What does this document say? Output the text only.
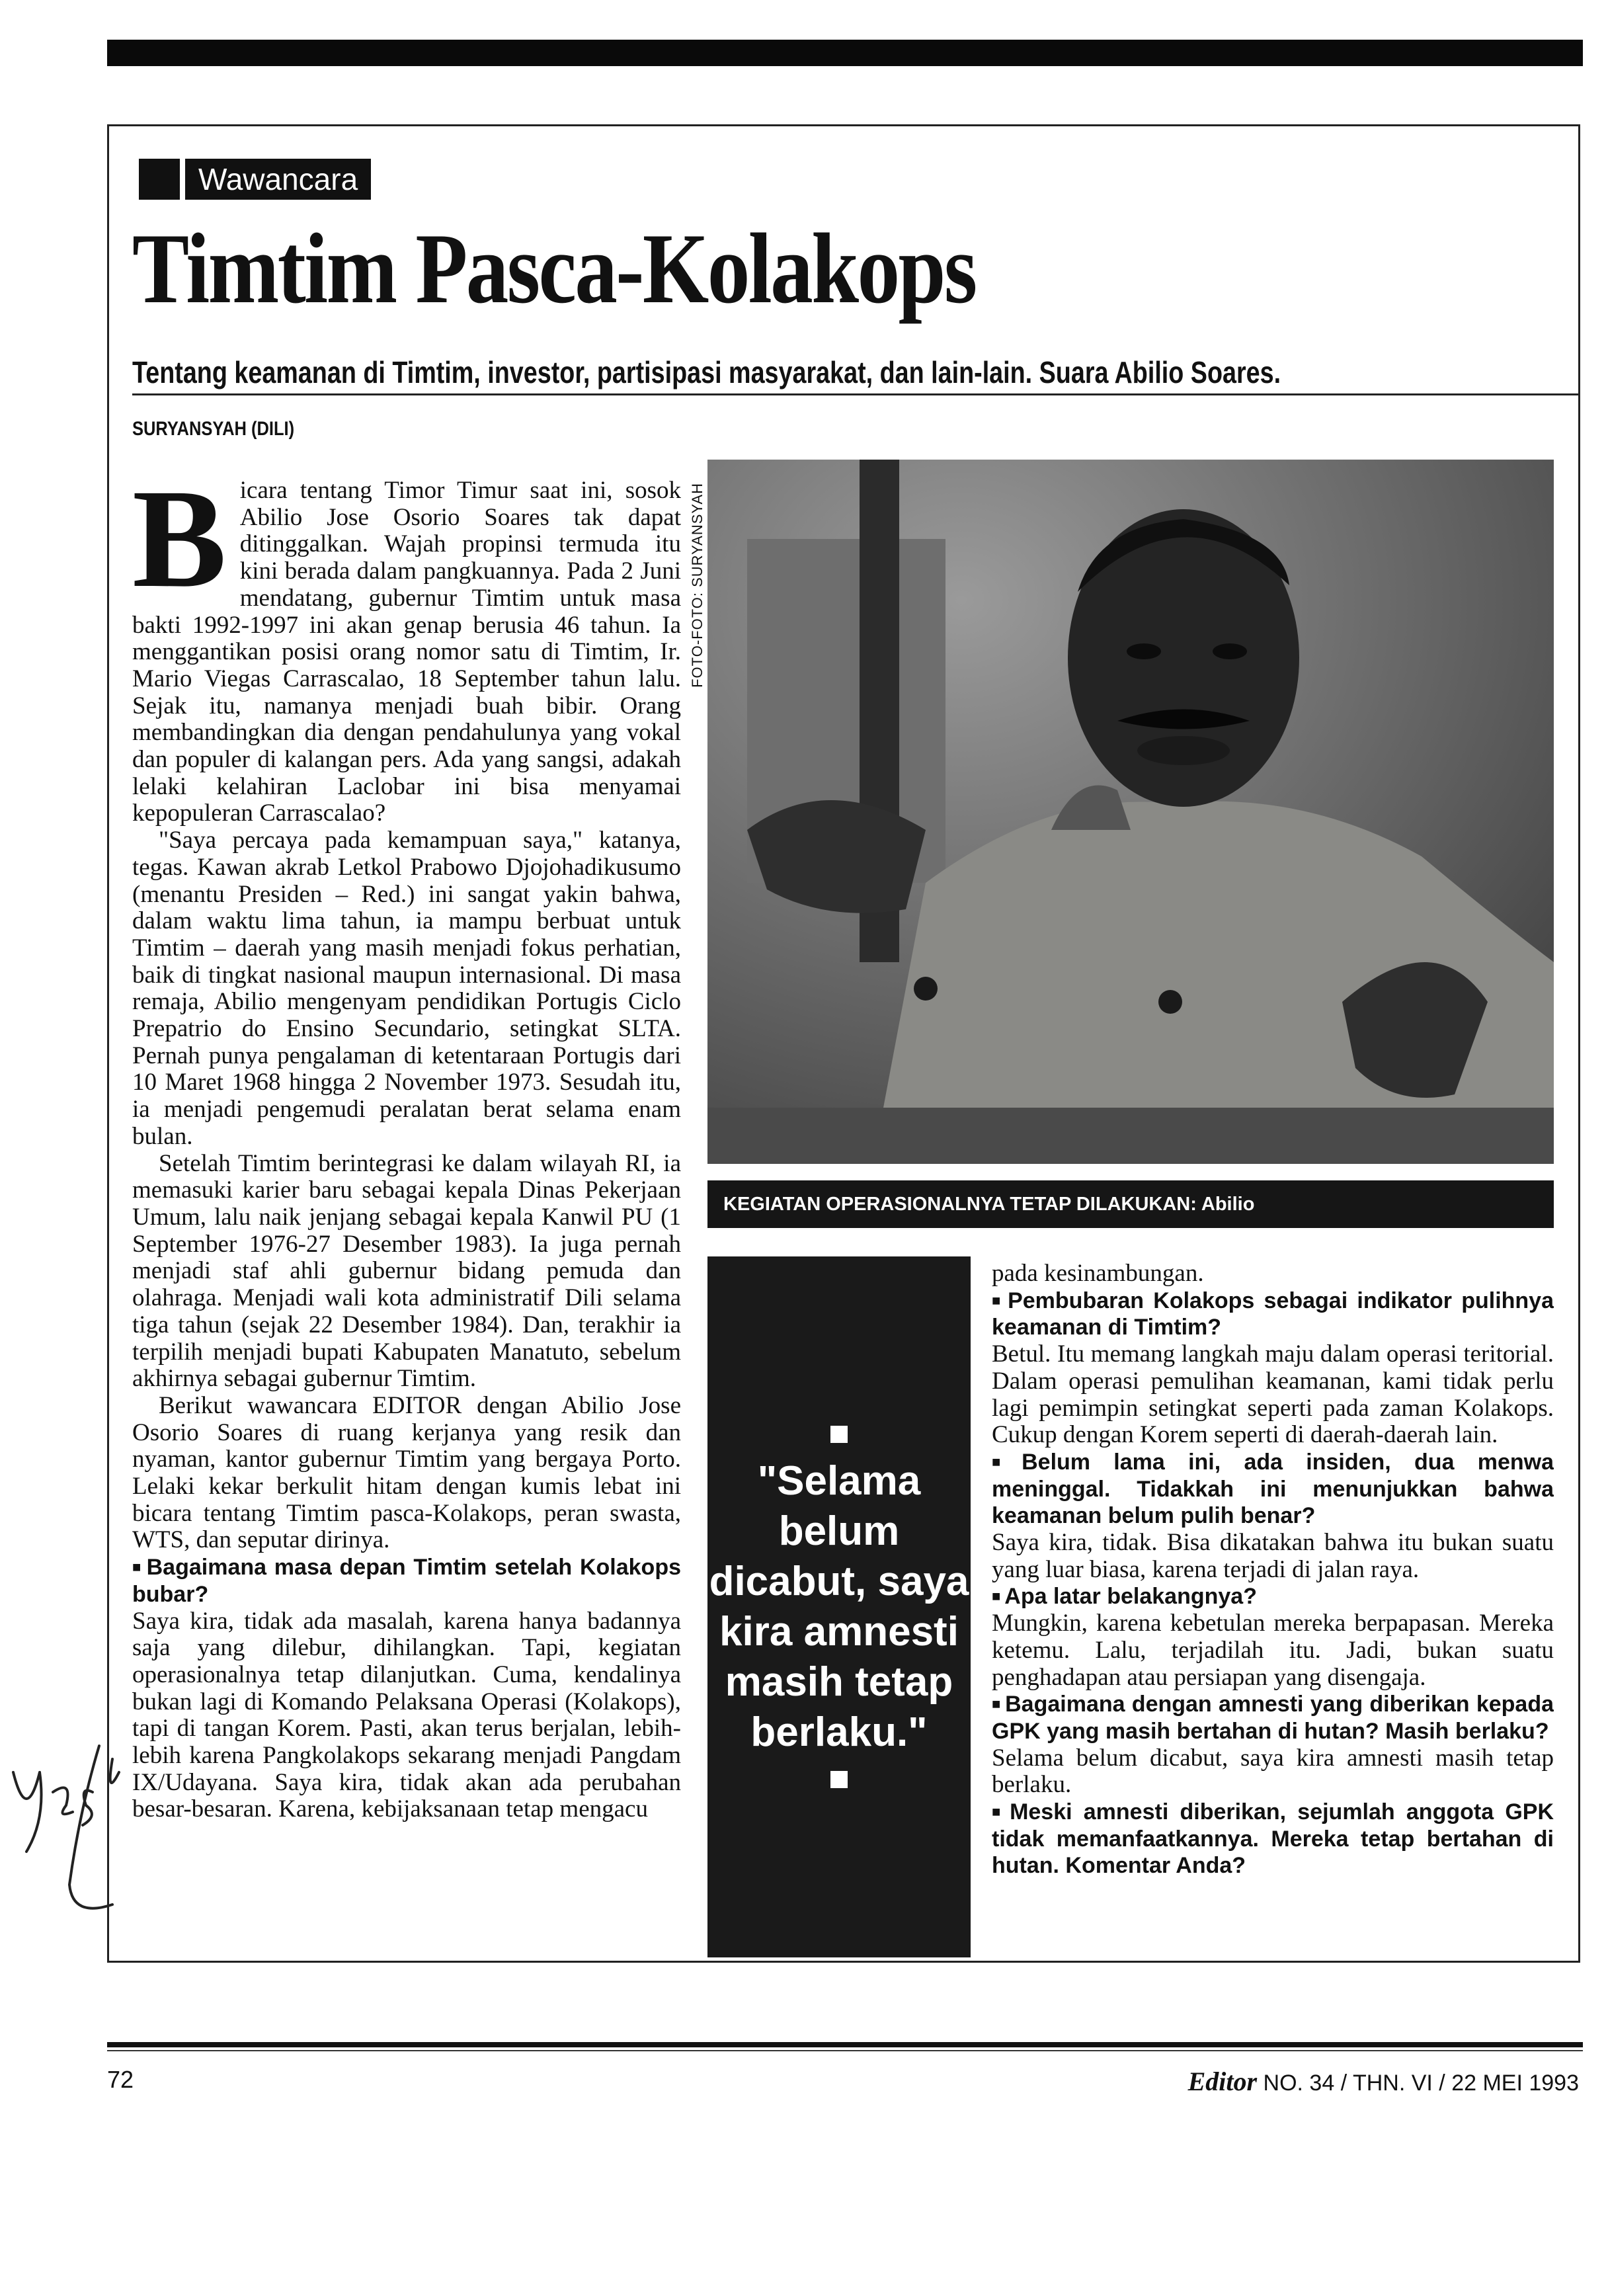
Wawancara
Timtim Pasca-Kolakops

Tentang keamanan di Timtim, investor, partisipasi masyarakat, dan lain-lain. Suara Abilio Soares.

SURYANSYAH (DILI)

Bicara tentang Timor Timur saat ini, sosok Abilio Jose Osorio Soares tak dapat ditinggalkan. Wajah propinsi termuda itu kini berada dalam pangkuannya. Pada 2 Juni mendatang, gubernur Timtim untuk masa bakti 1992-1997 ini akan genap berusia 46 tahun. Ia menggantikan posisi orang nomor satu di Timtim, Ir. Mario Viegas Carrascalao, 18 September tahun lalu. Sejak itu, namanya menjadi buah bibir. Orang membandingkan dia dengan pendahulunya yang vokal dan populer di kalangan pers. Ada yang sangsi, adakah lelaki kelahiran Laclobar ini bisa menyamai kepopuleran Carrascalao?

"Saya percaya pada kemampuan saya," katanya, tegas. Kawan akrab Letkol Prabowo Djojohadikusumo (menantu Presiden – Red.) ini sangat yakin bahwa, dalam waktu lima tahun, ia mampu berbuat untuk Timtim – daerah yang masih menjadi fokus perhatian, baik di tingkat nasional maupun internasional. Di masa remaja, Abilio mengenyam pendidikan Portugis Ciclo Prepatrio do Ensino Secundario, setingkat SLTA. Pernah punya pengalaman di ketentaraan Portugis dari 10 Maret 1968 hingga 2 November 1973. Sesudah itu, ia menjadi pengemudi peralatan berat selama enam bulan.

Setelah Timtim berintegrasi ke dalam wilayah RI, ia memasuki karier baru sebagai kepala Dinas Pekerjaan Umum, lalu naik jenjang sebagai kepala Kanwil PU (1 September 1976-27 Desember 1983). Ia juga pernah menjadi staf ahli gubernur bidang pemuda dan olahraga. Menjadi wali kota administratif Dili selama tiga tahun (sejak 22 Desember 1984). Dan, terakhir ia terpilih menjadi bupati Kabupaten Manatuto, sebelum akhirnya sebagai gubernur Timtim.

Berikut wawancara EDITOR dengan Abilio Jose Osorio Soares di ruang kerjanya yang resik dan nyaman, kantor gubernur Timtim yang bergaya Porto. Lelaki kekar berkulit hitam dengan kumis lebat ini bicara tentang Timtim pasca-Kolakops, peran swasta, WTS, dan seputar dirinya.

■ Bagaimana masa depan Timtim setelah Kolakops bubar?

Saya kira, tidak ada masalah, karena hanya badannya saja yang dilebur, dihilangkan. Tapi, kegiatan operasionalnya tetap dilanjutkan. Cuma, kendalinya bukan lagi di Komando Pelaksana Operasi (Kolakops), tapi di tangan Korem. Pasti, akan terus berjalan, lebih-lebih karena Pangkolakops sekarang menjadi Pangdam IX/Udayana. Saya kira, tidak akan ada perubahan besar-besaran. Karena, kebijaksanaan tetap mengacu

FOTO-FOTO: SURYANSYAH
KEGIATAN OPERASIONALNYA TETAP DILAKUKAN: Abilio
"Selama belum dicabut, saya kira amnesti masih tetap berlaku."

pada kesinambungan.

■ Pembubaran Kolakops sebagai indikator pulihnya keamanan di Timtim?

Betul. Itu memang langkah maju dalam operasi teritorial. Dalam operasi pemulihan keamanan, kami tidak perlu lagi pemimpin setingkat seperti pada zaman Kolakops. Cukup dengan Korem seperti di daerah-daerah lain.

■ Belum lama ini, ada insiden, dua menwa meninggal. Tidakkah ini menunjukkan bahwa keamanan belum pulih benar?

Saya kira, tidak. Bisa dikatakan bahwa itu bukan suatu yang luar biasa, karena terjadi di jalan raya.

■ Apa latar belakangnya?

Mungkin, karena kebetulan mereka berpapasan. Mereka ketemu. Lalu, terjadilah itu. Jadi, bukan suatu penghadapan atau persiapan yang disengaja.

■ Bagaimana dengan amnesti yang diberikan kepada GPK yang masih bertahan di hutan? Masih berlaku?

Selama belum dicabut, saya kira amnesti masih tetap berlaku.

■ Meski amnesti diberikan, sejumlah anggota GPK tidak memanfaatkannya. Mereka tetap bertahan di hutan. Komentar Anda?

72	Editor NO. 34 / THN. VI / 22 MEI 1993
